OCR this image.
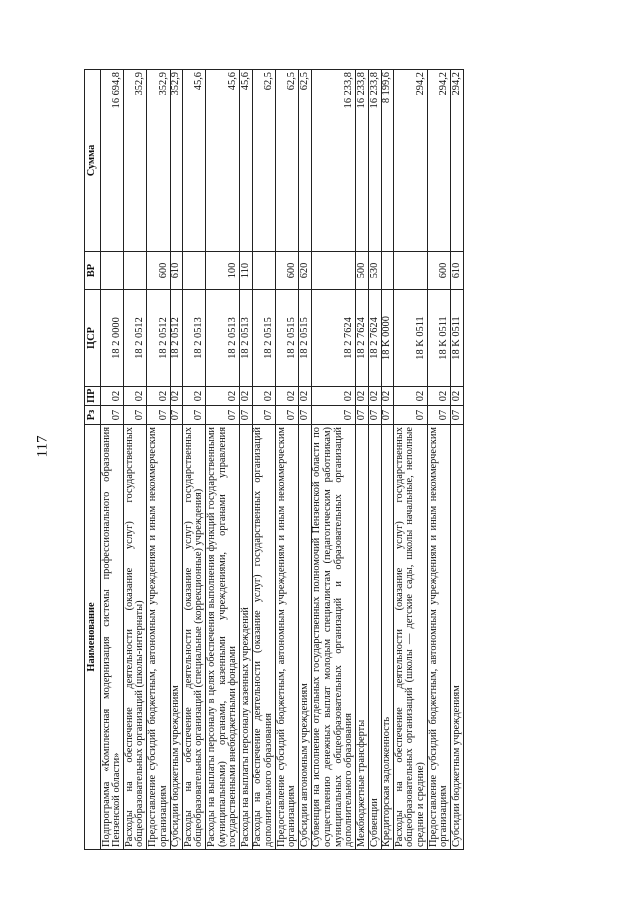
117
Наименование	Рз	ПР	ЦСР	ВР	Сумма
Подпрограмма «Комплексная модернизация системы профессионального образования Пензенской области»	07	02	18 2 0000		16 694,8
Расходы на обеспечение деятельности (оказание услуг) государственных общеобразовательных организаций (школы-интернаты)	07	02	18 2 0512		352,9
Предоставление субсидий бюджетным, автономным учреждениям и иным некоммерческим организациям	07	02	18 2 0512	600	352,9
Субсидии бюджетным учреждениям	07	02	18 2 0512	610	352,9
Расходы на обеспечение деятельности (оказание услуг) государственных общеобразовательных организаций (специальные (коррекционные) учреждения)	07	02	18 2 0513		45,6
Расходы на выплаты персоналу в целях обеспечения выполнения функций государственными (муниципальными) органами, казенными учреждениями, органами управления государственными внебюджетными фондами	07	02	18 2 0513	100	45,6
Расходы на выплаты персоналу казенных учреждений	07	02	18 2 0513	110	45,6
Расходы на обеспечение деятельности (оказание услуг) государственных организаций дополнительного образования	07	02	18 2 0515		62,5
Предоставление субсидий бюджетным, автономным учреждениям и иным некоммерческим организациям	07	02	18 2 0515	600	62,5
Субсидии автономным учреждениям	07	02	18 2 0515	620	62,5
Субвенция на исполнение отдельных государственных полномочий Пензенской области по осуществлению денежных выплат молодым специалистам (педагогическим работникам) муниципальных общеобразовательных организаций и образовательных организаций дополнительного образования	07	02	18 2 7624		16 233,8
Межбюджетные трансферты	07	02	18 2 7624	500	16 233,8
Субвенции	07	02	18 2 7624	530	16 233,8
Кредиторская задолженность	07	02	18 K 0000		8 199,6
Расходы на обеспечение деятельности (оказание услуг) государственных общеобразовательных организаций (школы — детские сады, школы начальные, неполные средние и средние)	07	02	18 K 0511		294,2
Предоставление субсидий бюджетным, автономным учреждениям и иным некоммерческим организациям	07	02	18 K 0511	600	294,2
Субсидии бюджетным учреждениям	07	02	18 K 0511	610	294,2
